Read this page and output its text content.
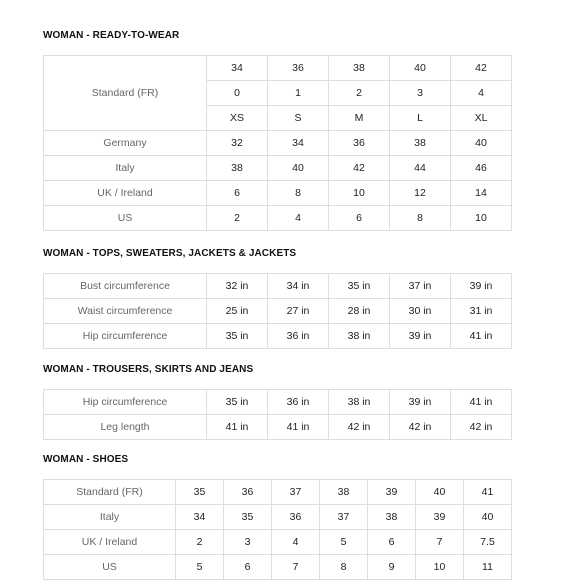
WOMAN - READY-TO-WEAR
Standard (FR)	34	36	38	40	42
	0	1	2	3	4
	XS	S	M	L	XL
Germany	32	34	36	38	40
Italy	38	40	42	44	46
UK / Ireland	6	8	10	12	14
US	2	4	6	8	10
WOMAN - TOPS, SWEATERS, JACKETS & JACKETS
Bust circumference	32 in	34 in	35 in	37 in	39 in
Waist circumference	25 in	27 in	28 in	30 in	31 in
Hip circumference	35 in	36 in	38 in	39 in	41 in
WOMAN - TROUSERS, SKIRTS AND JEANS
Hip circumference	35 in	36 in	38 in	39 in	41 in
Leg length	41 in	41 in	42 in	42 in	42 in
WOMAN - SHOES
Standard (FR)	35	36	37	38	39	40	41
Italy	34	35	36	37	38	39	40
UK / Ireland	2	3	4	5	6	7	7.5
US	5	6	7	8	9	10	11
